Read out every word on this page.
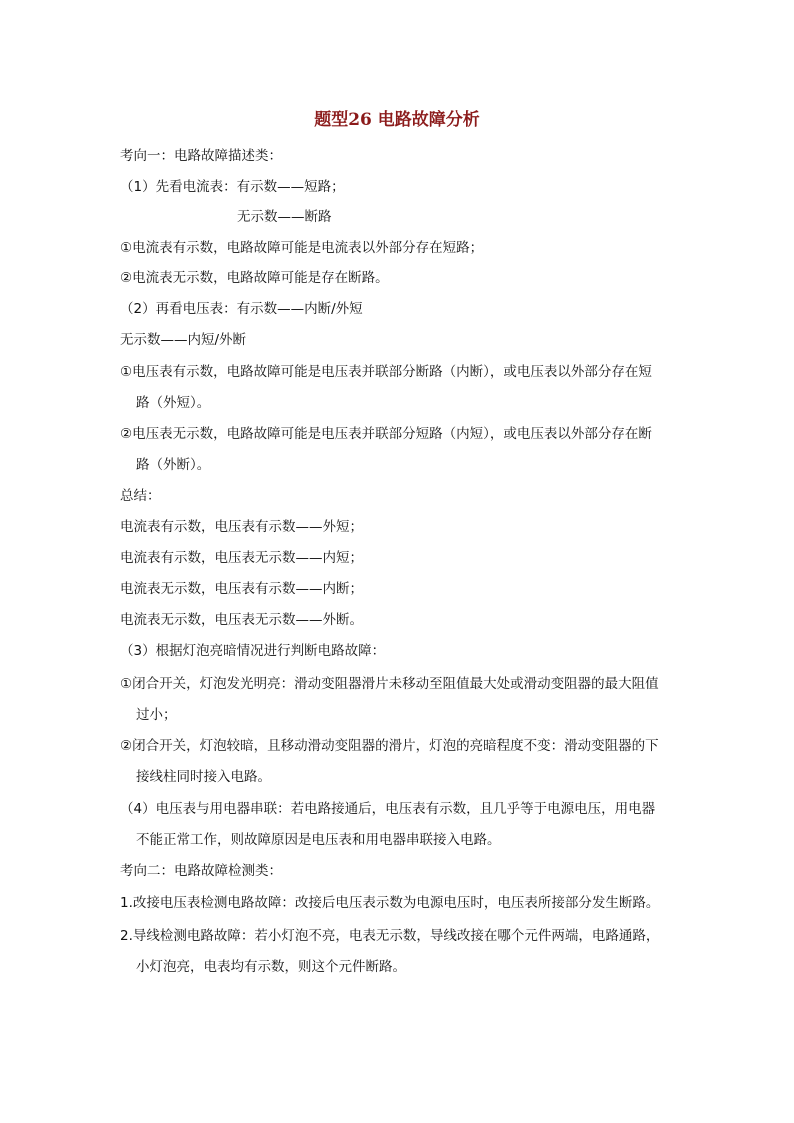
题型26 电路故障分析
考向一：电路故障描述类：
（1）先看电流表：有示数——短路；
无示数——断路
①电流表有示数，电路故障可能是电流表以外部分存在短路；
②电流表无示数，电路故障可能是存在断路。
（2）再看电压表：有示数——内断/外短
无示数——内短/外断
①电压表有示数，电路故障可能是电压表并联部分断路（内断），或电压表以外部分存在短
路（外短）。
②电压表无示数，电路故障可能是电压表并联部分短路（内短），或电压表以外部分存在断
路（外断）。
总结：
电流表有示数，电压表有示数——外短；
电流表有示数，电压表无示数——内短；
电流表无示数，电压表有示数——内断；
电流表无示数，电压表无示数——外断。
（3）根据灯泡亮暗情况进行判断电路故障：
①闭合开关，灯泡发光明亮：滑动变阻器滑片未移动至阻值最大处或滑动变阻器的最大阻值
过小；
②闭合开关，灯泡较暗，且移动滑动变阻器的滑片，灯泡的亮暗程度不变：滑动变阻器的下
接线柱同时接入电路。
（4）电压表与用电器串联：若电路接通后，电压表有示数，且几乎等于电源电压，用电器
不能正常工作，则故障原因是电压表和用电器串联接入电路。
考向二：电路故障检测类：
1.改接电压表检测电路故障：改接后电压表示数为电源电压时，电压表所接部分发生断路。
2.导线检测电路故障：若小灯泡不亮，电表无示数，导线改接在哪个元件两端，电路通路，
小灯泡亮，电表均有示数，则这个元件断路。
